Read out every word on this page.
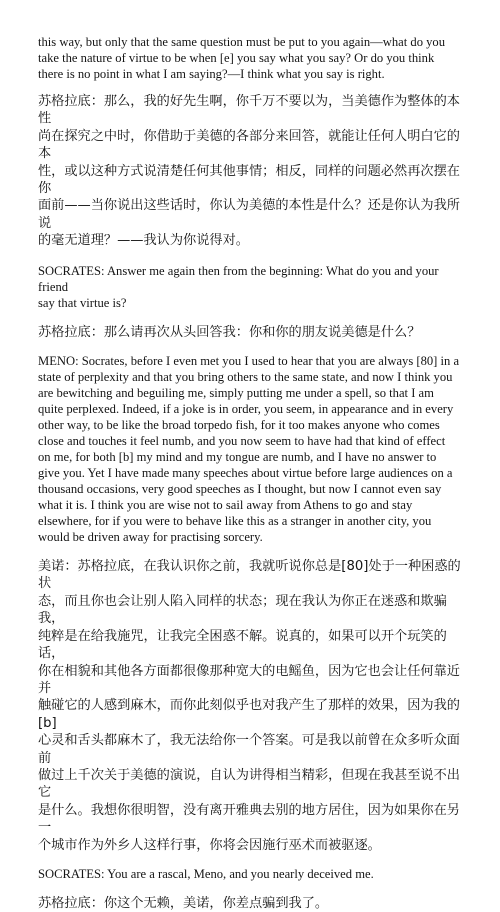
this way, but only that the same question must be put to you again—what do you
take the nature of virtue to be when [e] you say what you say? Or do you think
there is no point in what I am saying?—I think what you say is right.

苏格拉底：那么，我的好先生啊，你千万不要以为，当美德作为整体的本性
尚在探究之中时，你借助于美德的各部分来回答，就能让任何人明白它的本
性，或以这种方式说清楚任何其他事情；相反，同样的问题必然再次摆在你
面前——当你说出这些话时，你认为美德的本性是什么？还是你认为我所说
的毫无道理？——我认为你说得对。

SOCRATES: Answer me again then from the beginning: What do you and your friend
say that virtue is?

苏格拉底：那么请再次从头回答我：你和你的朋友说美德是什么？

MENO: Socrates, before I even met you I used to hear that you are always [80] in a
state of perplexity and that you bring others to the same state, and now I think you
are bewitching and beguiling me, simply putting me under a spell, so that I am
quite perplexed. Indeed, if a joke is in order, you seem, in appearance and in every
other way, to be like the broad torpedo fish, for it too makes anyone who comes
close and touches it feel numb, and you now seem to have had that kind of effect
on me, for both [b] my mind and my tongue are numb, and I have no answer to
give you. Yet I have made many speeches about virtue before large audiences on a
thousand occasions, very good speeches as I thought, but now I cannot even say
what it is. I think you are wise not to sail away from Athens to go and stay
elsewhere, for if you were to behave like this as a stranger in another city, you
would be driven away for practising sorcery.

美诺：苏格拉底，在我认识你之前，我就听说你总是[80]处于一种困惑的状
态，而且你也会让别人陷入同样的状态；现在我认为你正在迷惑和欺骗我，
纯粹是在给我施咒，让我完全困惑不解。说真的，如果可以开个玩笑的话，
你在相貌和其他各方面都很像那种宽大的电鳐鱼，因为它也会让任何靠近并
触碰它的人感到麻木，而你此刻似乎也对我产生了那样的效果，因为我的[b]
心灵和舌头都麻木了，我无法给你一个答案。可是我以前曾在众多听众面前
做过上千次关于美德的演说，自认为讲得相当精彩，但现在我甚至说不出它
是什么。我想你很明智，没有离开雅典去别的地方居住，因为如果你在另一
个城市作为外乡人这样行事，你将会因施行巫术而被驱逐。

SOCRATES: You are a rascal, Meno, and you nearly deceived me.

苏格拉底：你这个无赖，美诺，你差点骗到我了。
